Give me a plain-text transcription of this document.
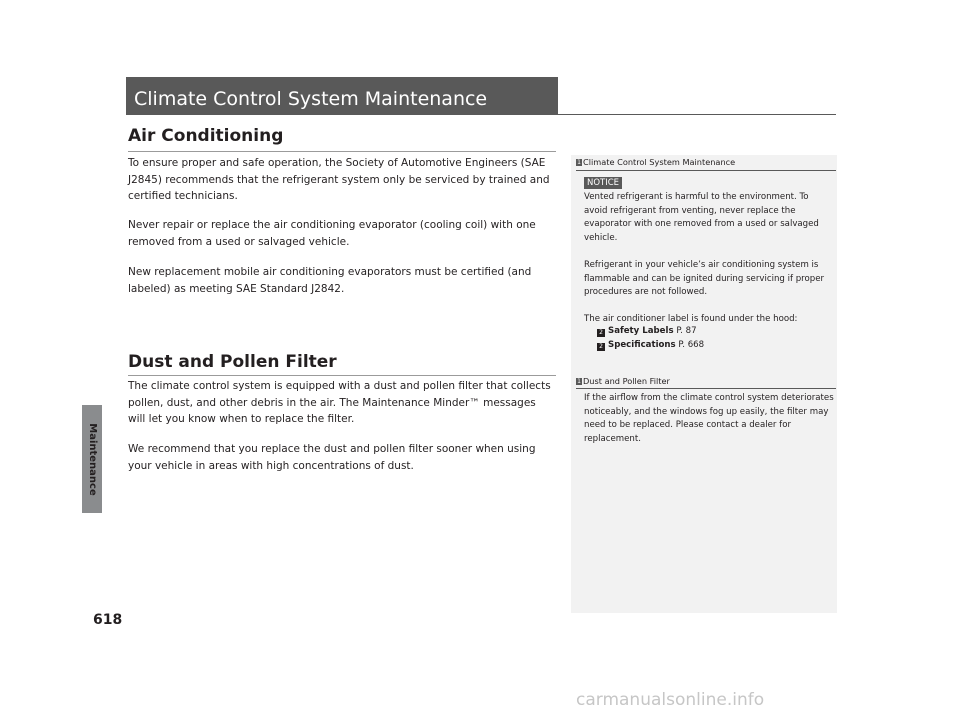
Maintenance
Climate Control System Maintenance
Air Conditioning

To ensure proper and safe operation, the Society of Automotive Engineers (SAE J2845) recommends that the refrigerant system only be serviced by trained and certified technicians.

Never repair or replace the air conditioning evaporator (cooling coil) with one removed from a used or salvaged vehicle.

New replacement mobile air conditioning evaporators must be certified (and labeled) as meeting SAE Standard J2842.

Dust and Pollen Filter

The climate control system is equipped with a dust and pollen filter that collects pollen, dust, and other debris in the air. The Maintenance Minder™ messages will let you know when to replace the filter.

We recommend that you replace the dust and pollen filter sooner when using your vehicle in areas with high concentrations of dust.

1 Climate Control System Maintenance
NOTICE

Vented refrigerant is harmful to the environment. To avoid refrigerant from venting, never replace the evaporator with one removed from a used or salvaged vehicle.

Refrigerant in your vehicle’s air conditioning system is flammable and can be ignited during servicing if proper procedures are not followed.

The air conditioner label is found under the hood:

2 Safety Labels P. 87
2 Specifications P. 668
1 Dust and Pollen Filter

If the airflow from the climate control system deteriorates noticeably, and the windows fog up easily, the filter may need to be replaced. Please contact a dealer for replacement.

618
carmanualsonline.info
